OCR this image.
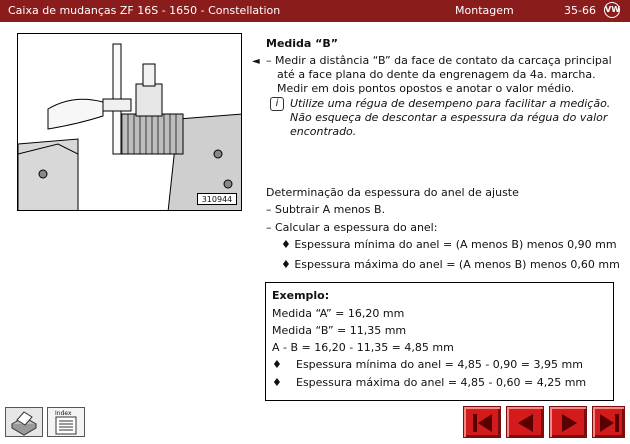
Caixa de mudanças ZF 16S - 1650 - Constellation	Montagem	35-66 VW
310944
Medida “B”
◄ – Medir a distância “B” da face de contato da carcaça principal
até a face plana do dente da engrenagem da 4a. marcha.
Medir em dois pontos opostos e anotar o valor médio.
i	Utilize uma régua de desempeno para facilitar a medição.
Não esqueça de descontar a espessura da régua do valor
encontrado.
Determinação da espessura do anel de ajuste
– Subtrair A menos B.
– Calcular a espessura do anel:
♦ Espessura mínima do anel = (A menos B) menos 0,90 mm
♦ Espessura máxima do anel = (A menos B) menos 0,60 mm
Exemplo:
Medida “A” = 16,20 mm
Medida “B” = 11,35 mm
A - B = 16,20 - 11,35 = 4,85 mm
♦ Espessura mínima do anel = 4,85 - 0,90 = 3,95 mm
♦ Espessura máxima do anel = 4,85 - 0,60 = 4,25 mm
Index
